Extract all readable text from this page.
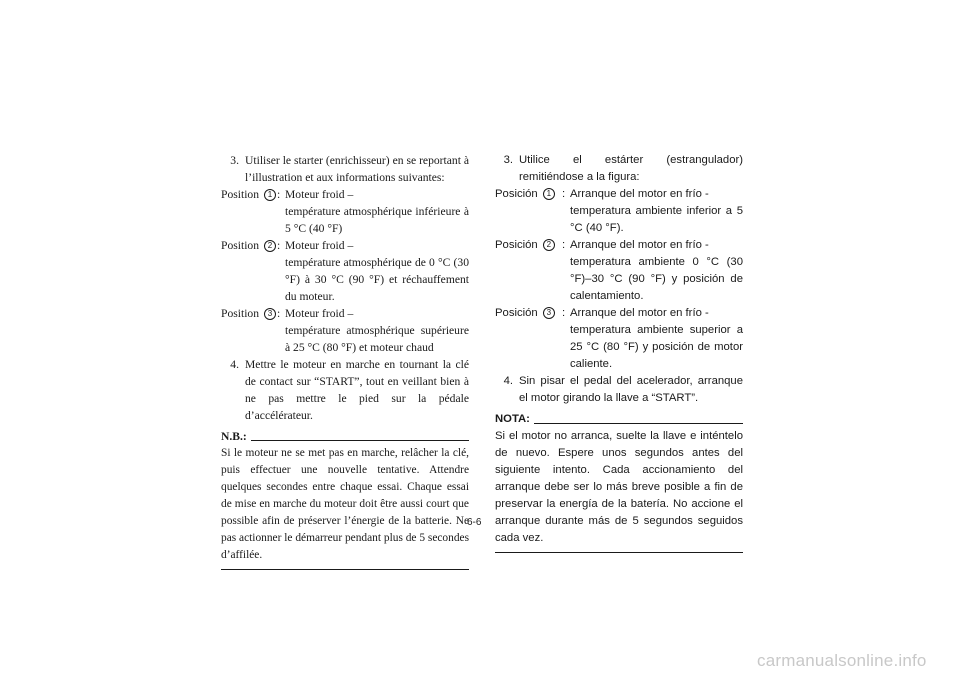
3. Utiliser le starter (enrichisseur) en se reportant à l’illustration et aux informations suivantes:
Position 1 : Moteur froid –
température atmosphérique inférieure à 5 °C (40 °F)
Position 2 : Moteur froid –
température atmosphérique de 0 °C (30 °F) à 30 °C (90 °F) et réchauffement du moteur.
Position 3 : Moteur froid –
température atmosphérique supérieure à 25 °C (80 °F) et moteur chaud
4. Mettre le moteur en marche en tournant la clé de contact sur “START”, tout en veillant bien à ne pas mettre le pied sur la pédale d’accélérateur.
N.B.:
Si le moteur ne se met pas en marche, relâcher la clé, puis effectuer une nouvelle tentative. Attendre quelques secondes entre chaque essai. Chaque essai de mise en marche du moteur doit être aussi court que possible afin de préserver l’énergie de la batterie. Ne pas actionner le démarreur pendant plus de 5 secondes d’affilée.
3. Utilice el estárter (estrangulador) remitiéndose a la figura:
Posición 1 : Arranque del motor en frío -
temperatura ambiente inferior a 5 °C (40 °F).
Posición 2 : Arranque del motor en frío -
temperatura ambiente 0 °C (30 °F)–30 °C (90 °F) y posición de calentamiento.
Posición 3 : Arranque del motor en frío -
temperatura ambiente superior a 25 °C (80 °F) y posición de motor caliente.
4. Sin pisar el pedal del acelerador, arranque el motor girando la llave a “START”.
NOTA:
Si el motor no arranca, suelte la llave e inténtelo de nuevo. Espere unos segundos antes del siguiente intento. Cada accionamiento del arranque debe ser lo más breve posible a fin de preservar la energía de la batería. No accione el arranque durante más de 5 segundos seguidos cada vez.
6-6
carmanualsonline.info
